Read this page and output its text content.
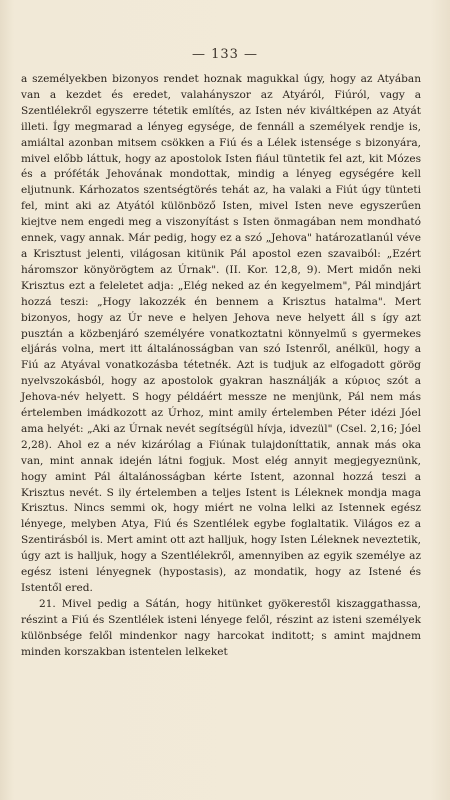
— 133 —

a személyekben bizonyos rendet hoznak magukkal úgy, hogy az Atyában van a kezdet és eredet, valahányszor az Atyáról, Fiúról, vagy a Szentlélekről egyszerre tétetik említés, az Isten név kiváltképen az Atyát illeti. Így megmarad a lényeg egysége, de fennáll a személyek rendje is, amiáltal azonban mitsem csökken a Fiú és a Lélek istensége s bizonyára, mivel előbb láttuk, hogy az apostolok Isten fiául tüntetik fel azt, kit Mózes és a próféták Jehovának mondottak, mindig a lényeg egységére kell eljutnunk. Kárhozatos szentségtörés tehát az, ha valaki a Fiút úgy tünteti fel, mint aki az Atyától különböző Isten, mivel Isten neve egyszerűen kiejtve nem engedi meg a viszonyítást s Isten önmagában nem mondható ennek, vagy annak. Már pedig, hogy ez a szó „Jehova" határozatlanúl véve a Krisztust jelenti, világosan kitünik Pál apostol ezen szavaiból: „Ezért háromszor könyörögtem az Úrnak". (II. Kor. 12,8, 9). Mert midőn neki Krisztus ezt a feleletet adja: „Elég neked az én kegyelmem", Pál mindjárt hozzá teszi: „Hogy lakozzék én bennem a Krisztus hatalma". Mert bizonyos, hogy az Úr neve e helyen Jehova neve helyett áll s így azt pusztán a közbenjáró személyére vonatkoztatni könnyelmű s gyermekes eljárás volna, mert itt általánosságban van szó Istenről, anélkül, hogy a Fiú az Atyával vonatkozásba tétetnék. Azt is tudjuk az elfogadott görög nyelvszokásból, hogy az apostolok gyakran használják a κύριος szót a Jehova-név helyett. S hogy példáért messze ne menjünk, Pál nem más értelemben imádkozott az Úrhoz, mint amily értelemben Péter idézi Jóel ama helyét: „Aki az Úrnak nevét segítségül hívja, idvezül" (Csel. 2,16; Jóel 2,28). Ahol ez a név kizárólag a Fiúnak tulajdoníttatik, annak más oka van, mint annak idején látni fogjuk. Most elég annyit megjegyeznünk, hogy amint Pál általánosságban kérte Istent, azonnal hozzá teszi a Krisztus nevét. S ily értelemben a teljes Istent is Léleknek mondja maga Krisztus. Nincs semmi ok, hogy miért ne volna lelki az Istennek egész lényege, melyben Atya, Fiú és Szentlélek egybe foglaltatik. Világos ez a Szentirásból is. Mert amint ott azt halljuk, hogy Isten Léleknek neveztetik, úgy azt is halljuk, hogy a Szentlélekről, amennyiben az egyik személye az egész isteni lényegnek (hypostasis), az mondatik, hogy az Istené és Istentől ered.

21. Mivel pedig a Sátán, hogy hitünket gyökerestől kiszaggathassa, részint a Fiú és Szentlélek isteni lényege felől, részint az isteni személyek különbsége felől mindenkor nagy harcokat inditott; s amint majdnem minden korszakban istentelen lelkeket
